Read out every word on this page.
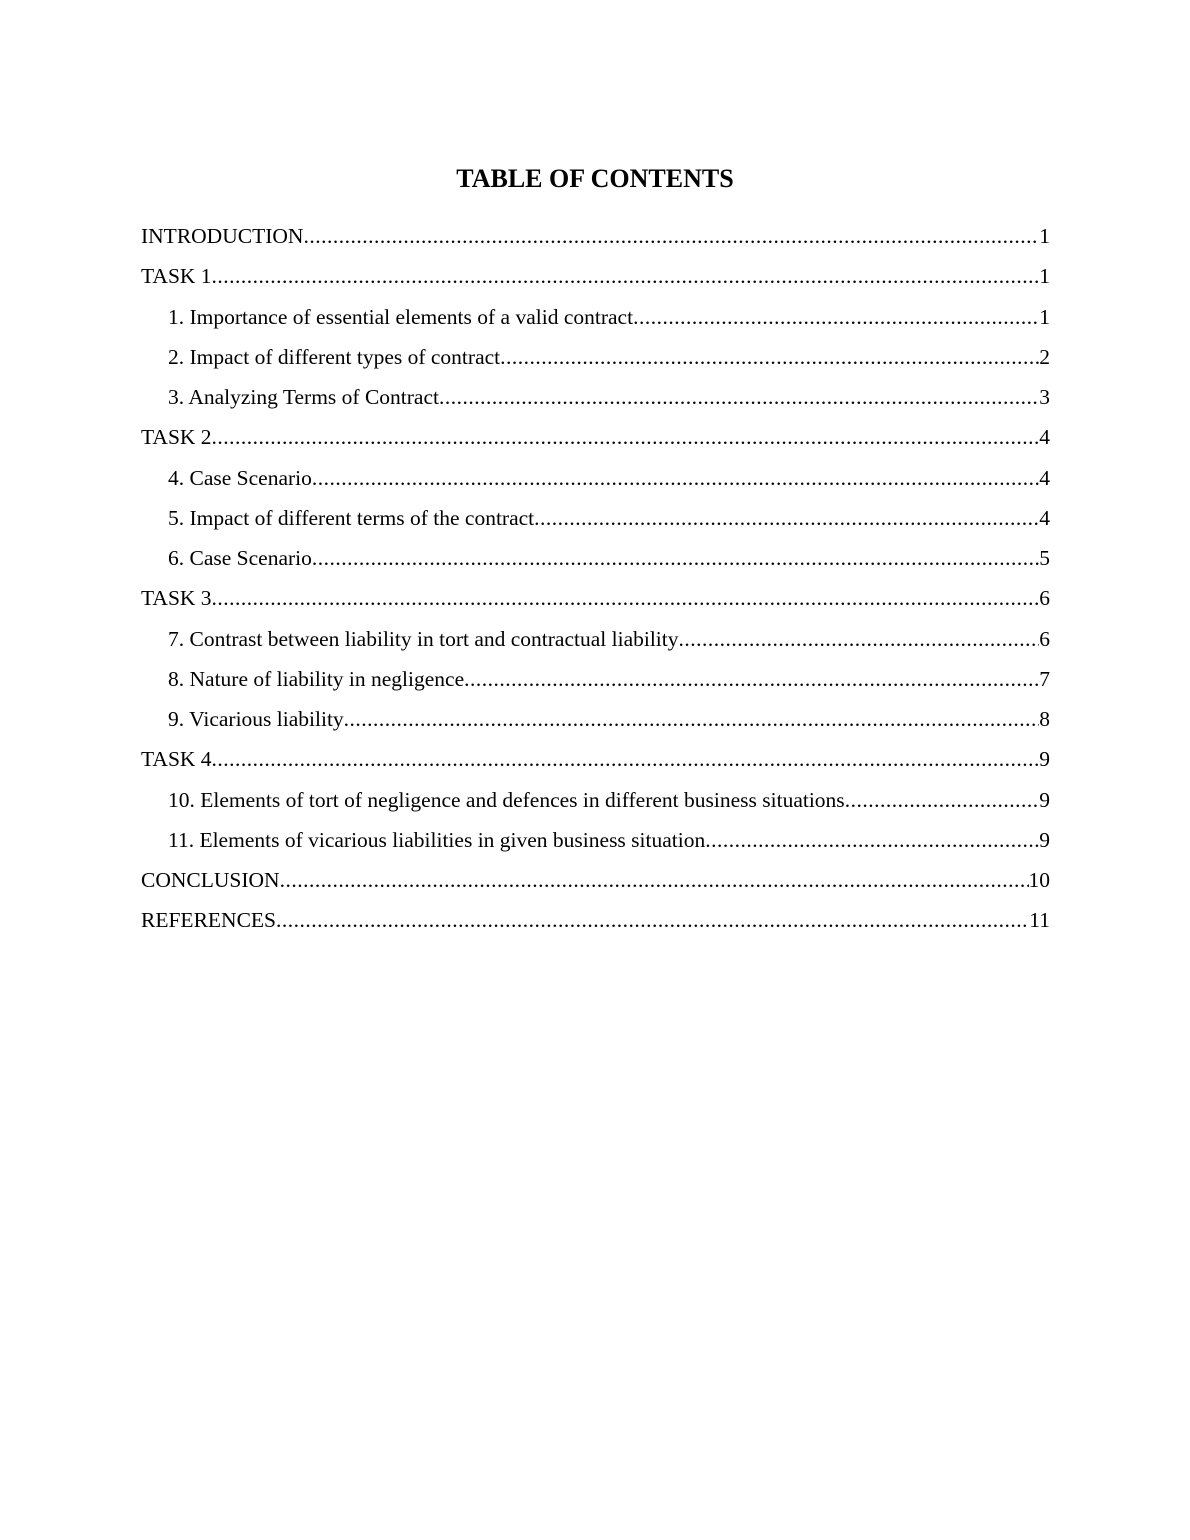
TABLE OF CONTENTS
INTRODUCTION .....	1
TASK 1 .....	1
1. Importance of essential elements of a valid contract .....	1
2. Impact of different types of contract .....	2
3. Analyzing Terms of Contract .....	3
TASK 2 .....	4
4. Case Scenario .....	4
5. Impact of different terms of the contract .....	4
6. Case Scenario .....	5
TASK 3 .....	6
7. Contrast between liability in tort and contractual liability .....	6
8. Nature of liability in negligence .....	7
9. Vicarious liability .....	8
TASK 4 .....	9
10. Elements of tort of negligence and defences in different business situations .....	9
11. Elements of vicarious liabilities in given business situation .....	9
CONCLUSION .....	10
REFERENCES .....	11
